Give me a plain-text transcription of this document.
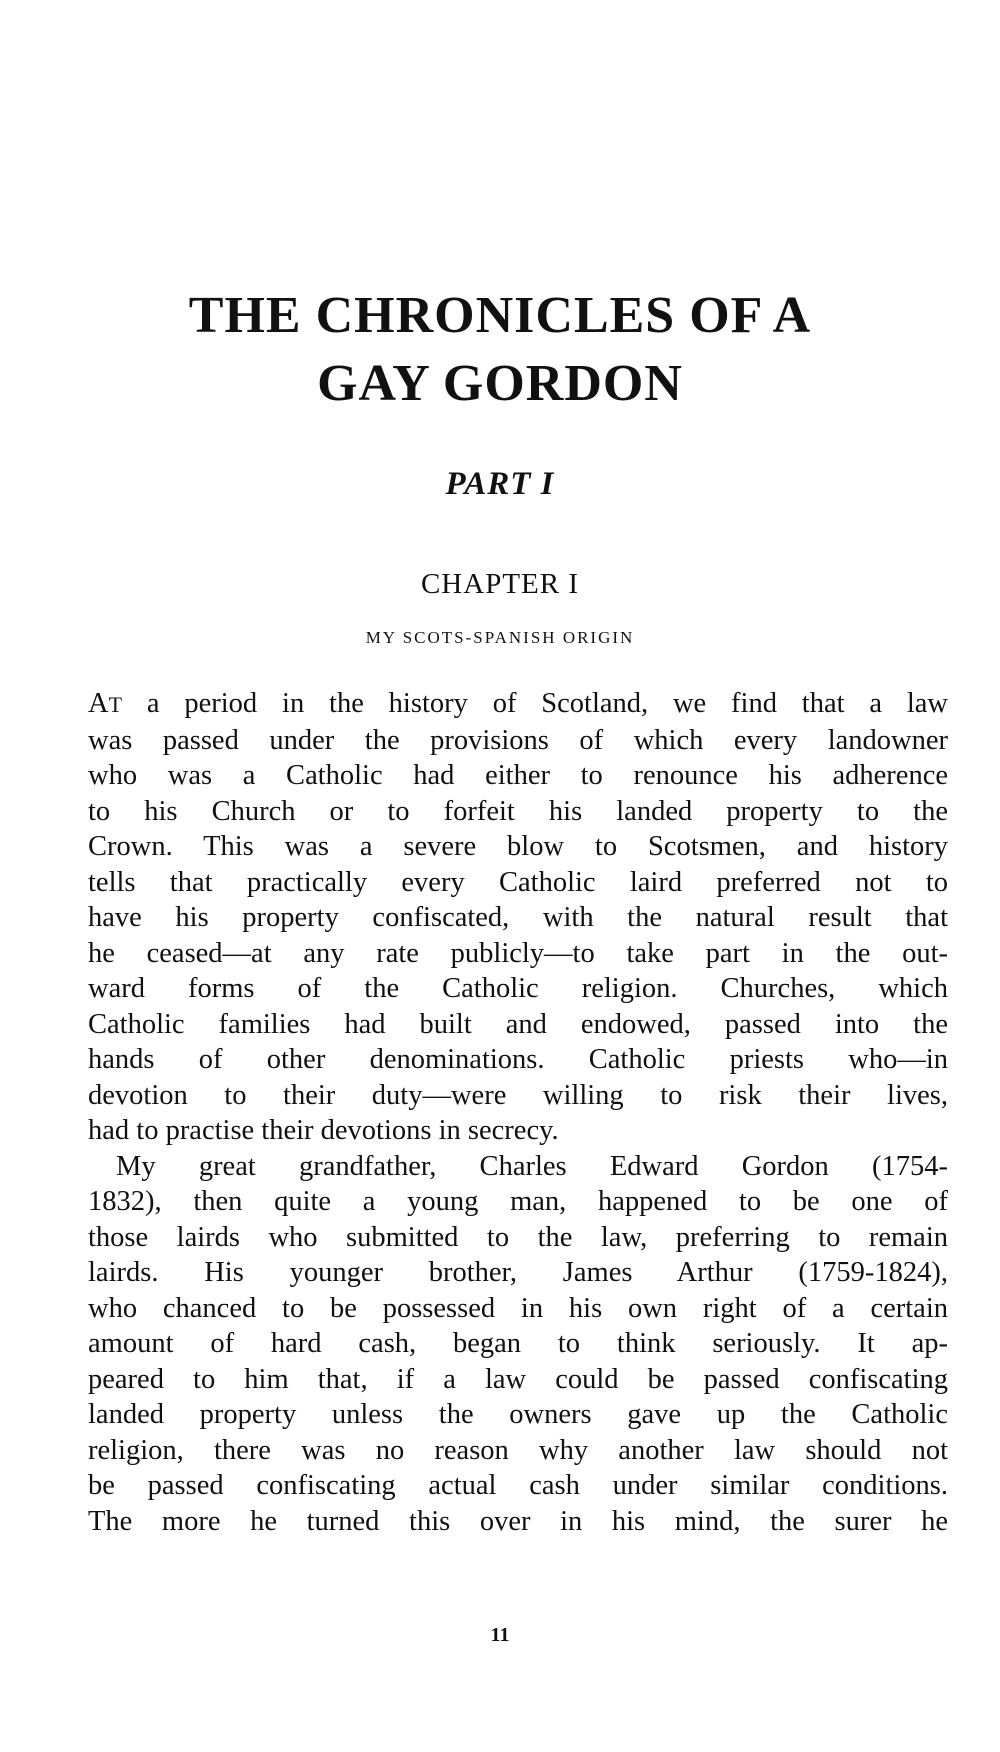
THE CHRONICLES OF A
GAY GORDON
PART I
CHAPTER I
MY SCOTS-SPANISH ORIGIN
AT a period in the history of Scotland, we find that a law
was passed under the provisions of which every landowner
who was a Catholic had either to renounce his adherence
to his Church or to forfeit his landed property to the
Crown. This was a severe blow to Scotsmen, and history
tells that practically every Catholic laird preferred not to
have his property confiscated, with the natural result that
he ceased—at any rate publicly—to take part in the out-
ward forms of the Catholic religion. Churches, which
Catholic families had built and endowed, passed into the
hands of other denominations. Catholic priests who—in
devotion to their duty—were willing to risk their lives,
had to practise their devotions in secrecy.
My great grandfather, Charles Edward Gordon (1754-
1832), then quite a young man, happened to be one of
those lairds who submitted to the law, preferring to remain
lairds. His younger brother, James Arthur (1759-1824),
who chanced to be possessed in his own right of a certain
amount of hard cash, began to think seriously. It ap-
peared to him that, if a law could be passed confiscating
landed property unless the owners gave up the Catholic
religion, there was no reason why another law should not
be passed confiscating actual cash under similar conditions.
The more he turned this over in his mind, the surer he
11
